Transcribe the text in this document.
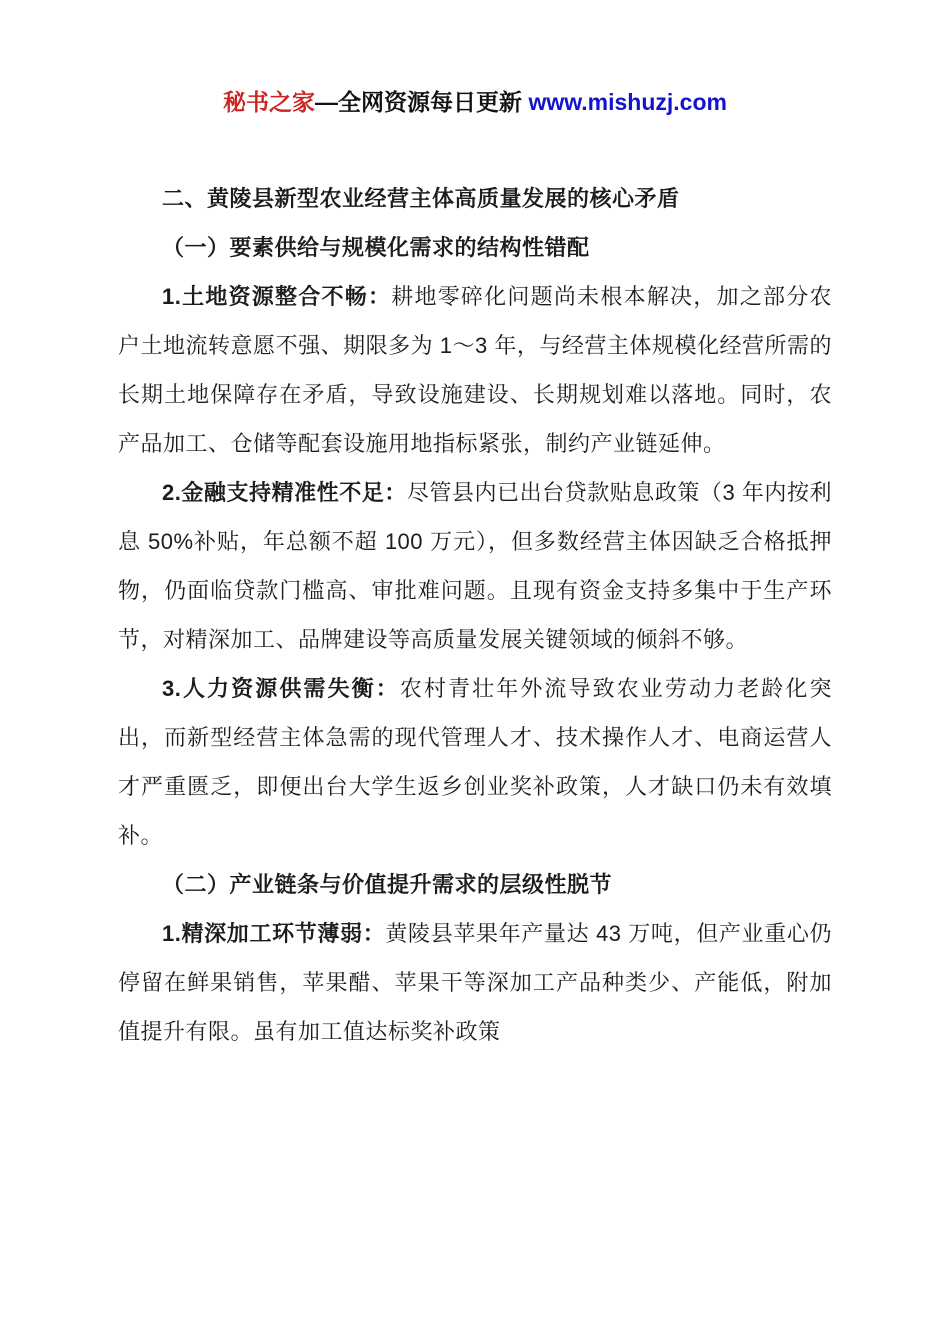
秘书之家—全网资源每日更新 www.mishuzj.com

二、黄陵县新型农业经营主体高质量发展的核心矛盾

（一）要素供给与规模化需求的结构性错配

1.土地资源整合不畅：耕地零碎化问题尚未根本解决，加之部分农户土地流转意愿不强、期限多为 1～3 年，与经营主体规模化经营所需的长期土地保障存在矛盾，导致设施建设、长期规划难以落地。同时，农产品加工、仓储等配套设施用地指标紧张，制约产业链延伸。

2.金融支持精准性不足：尽管县内已出台贷款贴息政策（3 年内按利息 50%补贴，年总额不超 100 万元），但多数经营主体因缺乏合格抵押物，仍面临贷款门槛高、审批难问题。且现有资金支持多集中于生产环节，对精深加工、品牌建设等高质量发展关键领域的倾斜不够。

3.人力资源供需失衡：农村青壮年外流导致农业劳动力老龄化突出，而新型经营主体急需的现代管理人才、技术操作人才、电商运营人才严重匮乏，即便出台大学生返乡创业奖补政策，人才缺口仍未有效填补。

（二）产业链条与价值提升需求的层级性脱节

1.精深加工环节薄弱：黄陵县苹果年产量达 43 万吨，但产业重心仍停留在鲜果销售，苹果醋、苹果干等深加工产品种类少、产能低，附加值提升有限。虽有加工值达标奖补政策
